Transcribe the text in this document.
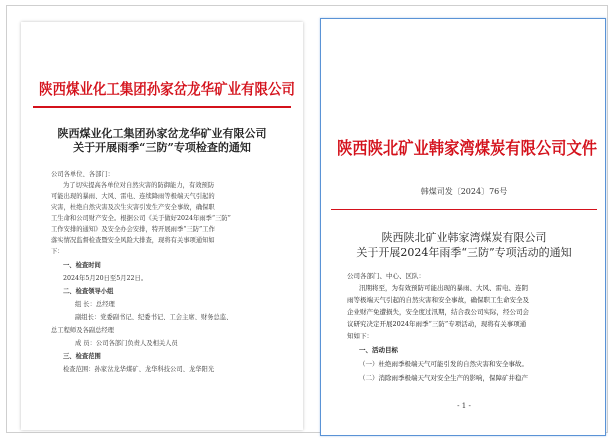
陕西煤业化工集团孙家岔龙华矿业有限公司
陕西煤业化工集团孙家岔龙华矿业有限公司
关于开展雨季“三防”专项检查的通知
公司各单位、各部门：
为了切实提高各单位对自然灾害的防御能力，有效预防
可能出现的暴雨、大风、雷电、连续降雨等极端天气引起的
灾害，杜绝自然灾害及次生灾害引发生产安全事故，确保职
工生命和公司财产安全。根据公司《关于做好2024年雨季“三防”
工作安排的通知》及安全办会安排，特开展雨季“三防”工作
落实情况监督检查暨安全风险大排查，现将有关事项通知如
下：
一、检查时间
2024年5月20日至5月22日。
二、检查领导小组
组 长：总经理
副组长：党委副书记、纪委书记、工会主席、财务总监、
总工程师及各副总经理
成 员：公司各部门负责人及相关人员
三、检查范围
检查范围：孙家岔龙华煤矿、龙华科技公司、龙华阳光
陕西陕北矿业韩家湾煤炭有限公司文件
韩煤司发〔2024〕76号
陕西陕北矿业韩家湾煤炭有限公司
关于开展2024年雨季“三防”专项活动的通知
公司各部门、中心、区队：
汛期将至，为有效预防可能出现的暴雨、大风、雷电、连阴
雨等极端天气引起的自然灾害和安全事故，确保职工生命安全及
企业财产免遭损失，安全度过汛期，结合我公司实际，经公司会
议研究决定开展2024年雨季“三防”专项活动，现将有关事项通
知如下：
一、活动目标
（一）杜绝雨季极端天气可能引发的自然灾害和安全事故。
（二）消除雨季极端天气对安全生产的影响，保障矿井稳产
- 1 -
